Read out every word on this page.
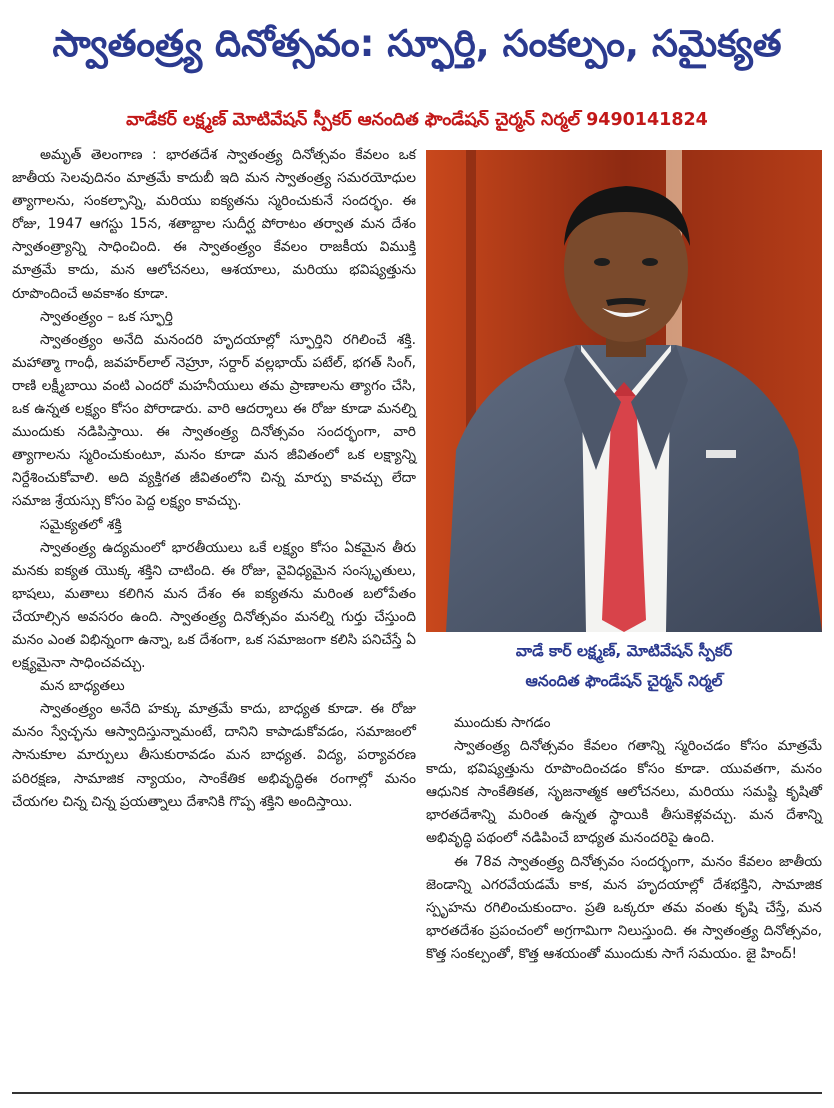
స్వాతంత్ర్య దినోత్సవం: స్ఫూర్తి, సంకల్పం, సమైక్యత
వాడేకర్ లక్ష్మణ్ మోటివేషన్ స్పీకర్ ఆనందిత ఫౌండేషన్ చైర్మన్ నిర్మల్ 9490141824

అమృత్ తెలంగాణ : భారతదేశ స్వాతంత్ర్య దినోత్సవం కేవలం ఒక జాతీయ సెలవుదినం మాత్రమే కాదుబీ ఇది మన స్వాతంత్ర్య సమరయోధుల త్యాగాలను, సంకల్పాన్ని, మరియు ఐక్యతను స్మరించుకునే సందర్భం. ఈ రోజు, 1947 ఆగస్టు 15న, శతాబ్దాల సుదీర్ఘ పోరాటం తర్వాత మన దేశం స్వాతంత్ర్యాన్ని సాధించింది. ఈ స్వాతంత్ర్యం కేవలం రాజకీయ విముక్తి మాత్రమే కాదు, మన ఆలోచనలు, ఆశయాలు, మరియు భవిష్యత్తును రూపొందించే అవకాశం కూడా.

స్వాతంత్ర్యం – ఒక స్ఫూర్తి

స్వాతంత్ర్యం అనేది మనందరి హృదయాల్లో స్ఫూర్తిని రగిలించే శక్తి. మహాత్మా గాంధీ, జవహర్‌లాల్ నెహ్రూ, సర్దార్ వల్లభాయ్ పటేల్, భగత్ సింగ్, రాణి లక్ష్మీబాయి వంటి ఎందరో మహనీయులు తమ ప్రాణాలను త్యాగం చేసి, ఒక ఉన్నత లక్ష్యం కోసం పోరాడారు. వారి ఆదర్శాలు ఈ రోజు కూడా మనల్ని ముందుకు నడిపిస్తాయి. ఈ స్వాతంత్ర్య దినోత్సవం సందర్భంగా, వారి త్యాగాలను స్మరించుకుంటూ, మనం కూడా మన జీవితంలో ఒక లక్ష్యాన్ని నిర్దేశించుకోవాలి. అది వ్యక్తిగత జీవితంలోని చిన్న మార్పు కావచ్చు లేదా సమాజ శ్రేయస్సు కోసం పెద్ద లక్ష్యం కావచ్చు.

సమైక్యతలో శక్తి

స్వాతంత్ర్య ఉద్యమంలో భారతీయులు ఒకే లక్ష్యం కోసం ఏకమైన తీరు మనకు ఐక్యత యొక్క శక్తిని చాటింది. ఈ రోజు, వైవిధ్యమైన సంస్కృతులు, భాషలు, మతాలు కలిగిన మన దేశం ఈ ఐక్యతను మరింత బలోపేతం చేయాల్సిన అవసరం ఉంది. స్వాతంత్ర్య దినోత్సవం మనల్ని గుర్తు చేస్తుంది మనం ఎంత విభిన్నంగా ఉన్నా, ఒక దేశంగా, ఒక సమాజంగా కలిసి పనిచేస్తే ఏ లక్ష్యమైనా సాధించవచ్చు.

మన బాధ్యతలు

స్వాతంత్ర్యం అనేది హక్కు మాత్రమే కాదు, బాధ్యత కూడా. ఈ రోజు మనం స్వేచ్ఛను ఆస్వాదిస్తున్నామంటే, దానిని కాపాడుకోవడం, సమాజంలో సానుకూల మార్పులు తీసుకురావడం మన బాధ్యత. విద్య, పర్యావరణ పరిరక్షణ, సామాజిక న్యాయం, సాంకేతిక అభివృద్ధిఈ రంగాల్లో మనం చేయగల చిన్న చిన్న ప్రయత్నాలు దేశానికి గొప్ప శక్తిని అందిస్తాయి.

వాడే కార్ లక్ష్మణ్, మోటివేషన్ స్పీకర్
ఆనందిత ఫౌండేషన్ చైర్మన్ నిర్మల్

ముందుకు సాగడం

స్వాతంత్ర్య దినోత్సవం కేవలం గతాన్ని స్మరించడం కోసం మాత్రమే కాదు, భవిష్యత్తును రూపొందించడం కోసం కూడా. యువతగా, మనం ఆధునిక సాంకేతికత, సృజనాత్మక ఆలోచనలు, మరియు సమష్టి కృషితో భారతదేశాన్ని మరింత ఉన్నత స్థాయికి తీసుకెళ్లవచ్చు. మన దేశాన్ని అభివృద్ధి పథంలో నడిపించే బాధ్యత మనందరిపై ఉంది.

ఈ 78వ స్వాతంత్ర్య దినోత్సవం సందర్భంగా, మనం కేవలం జాతీయ జెండాన్ని ఎగరవేయడమే కాక, మన హృదయాల్లో దేశభక్తిని, సామాజిక స్పృహను రగిలించుకుందాం. ప్రతి ఒక్కరూ తమ వంతు కృషి చేస్తే, మన భారతదేశం ప్రపంచంలో అగ్రగామిగా నిలుస్తుంది. ఈ స్వాతంత్ర్య దినోత్సవం, కొత్త సంకల్పంతో, కొత్త ఆశయంతో ముందుకు సాగే సమయం. జై హింద్!
